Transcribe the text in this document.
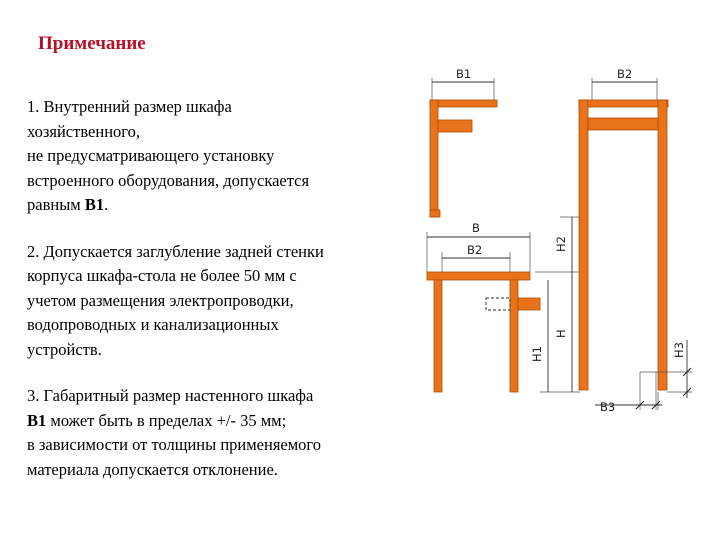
Примечание
1. Внутренний размер шкафа
хозяйственного,
не предусматривающего установку
встроенного оборудования, допускается
равным В1.
2. Допускается заглубление задней стенки
корпуса шкафа-стола не более 50 мм с
учетом размещения электропроводки,
водопроводных и канализационных
устройств.
3. Габаритный размер настенного шкафа
В1 может быть в пределах +/- 35 мм;
в зависимости от толщины применяемого
материала допускается отклонение.
B1	B2
B
B2	H2
H
H1	H3
B3
